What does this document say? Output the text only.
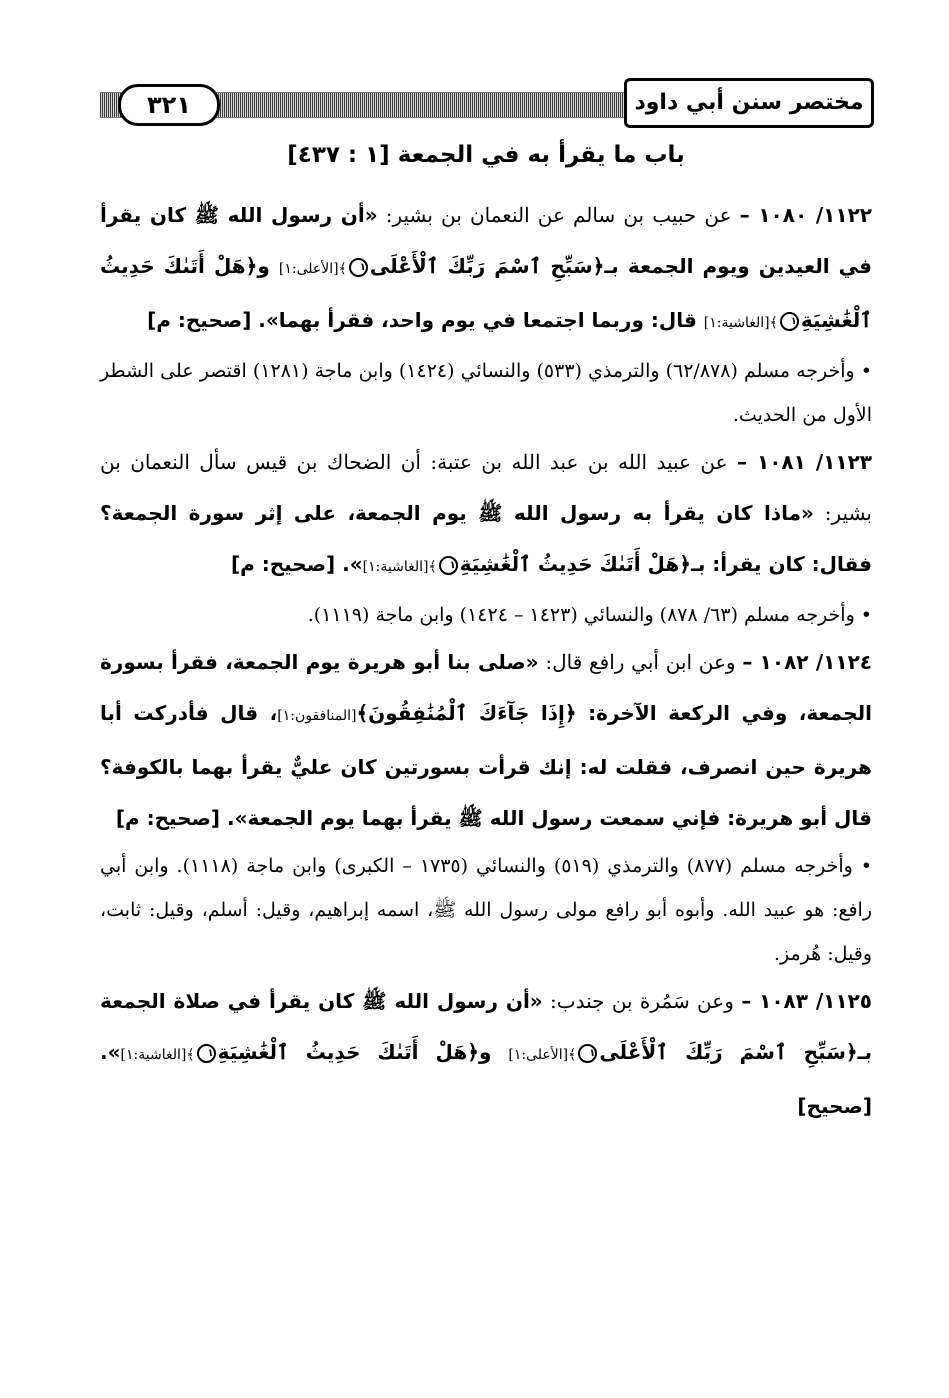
٣٢١	مختصر سنن أبي داود
باب ما يقرأ به في الجمعة [١ : ٤٣٧]

١١٢٢/ ١٠٨٠ – عن حبيب بن سالم عن النعمان بن بشير: «أن رسول الله ﷺ كان يقرأ في العيدين ويوم الجمعة بـ﴿سَبِّحِ ٱسْمَ رَبِّكَ ٱلْأَعْلَى١﴾[الأعلى:١] و﴿هَلْ أَتَىٰكَ حَدِيثُ ٱلْغَٰشِيَةِ١﴾[الغاشية:١] قال: وربما اجتمعا في يوم واحد، فقرأ بهما». [صحيح: م]

• وأخرجه مسلم (٦٢/٨٧٨) والترمذي (٥٣٣) والنسائي (١٤٢٤) وابن ماجة (١٢٨١) اقتصر على الشطر الأول من الحديث.

١١٢٣/ ١٠٨١ – عن عبيد الله بن عبد الله بن عتبة: أن الضحاك بن قيس سأل النعمان بن بشير: «ماذا كان يقرأ به رسول الله ﷺ يوم الجمعة، على إثر سورة الجمعة؟ فقال: كان يقرأ: بـ﴿هَلْ أَتَىٰكَ حَدِيثُ ٱلْغَٰشِيَةِ١﴾[الغاشية:١]». [صحيح: م]

• وأخرجه مسلم (٦٣/ ٨٧٨) والنسائي (١٤٢٣ – ١٤٢٤) وابن ماجة (١١١٩).

١١٢٤/ ١٠٨٢ – وعن ابن أبي رافع قال: «صلى بنا أبو هريرة يوم الجمعة، فقرأ بسورة الجمعة، وفي الركعة الآخرة: ﴿إِذَا جَآءَكَ ٱلْمُنَٰفِقُونَ﴾[المنافقون:١]، قال فأدركت أبا هريرة حين انصرف، فقلت له: إنك قرأت بسورتين كان عليٌّ يقرأ بهما بالكوفة؟ قال أبو هريرة: فإني سمعت رسول الله ﷺ يقرأ بهما يوم الجمعة». [صحيح: م]

• وأخرجه مسلم (٨٧٧) والترمذي (٥١٩) والنسائي (١٧٣٥ – الكبرى) وابن ماجة (١١١٨). وابن أبي رافع: هو عبيد الله. وأبوه أبو رافع مولى رسول الله ﷺ، اسمه إبراهيم، وقيل: أسلم، وقيل: ثابت، وقيل: هُرمز.

١١٢٥/ ١٠٨٣ – وعن سَمُرة بن جندب: «أن رسول الله ﷺ كان يقرأ في صلاة الجمعة بـ﴿سَبِّحِ ٱسْمَ رَبِّكَ ٱلْأَعْلَى١﴾[الأعلى:١] و﴿هَلْ أَتَىٰكَ حَدِيثُ ٱلْغَٰشِيَةِ١﴾[الغاشية:١]». [صحيح]
